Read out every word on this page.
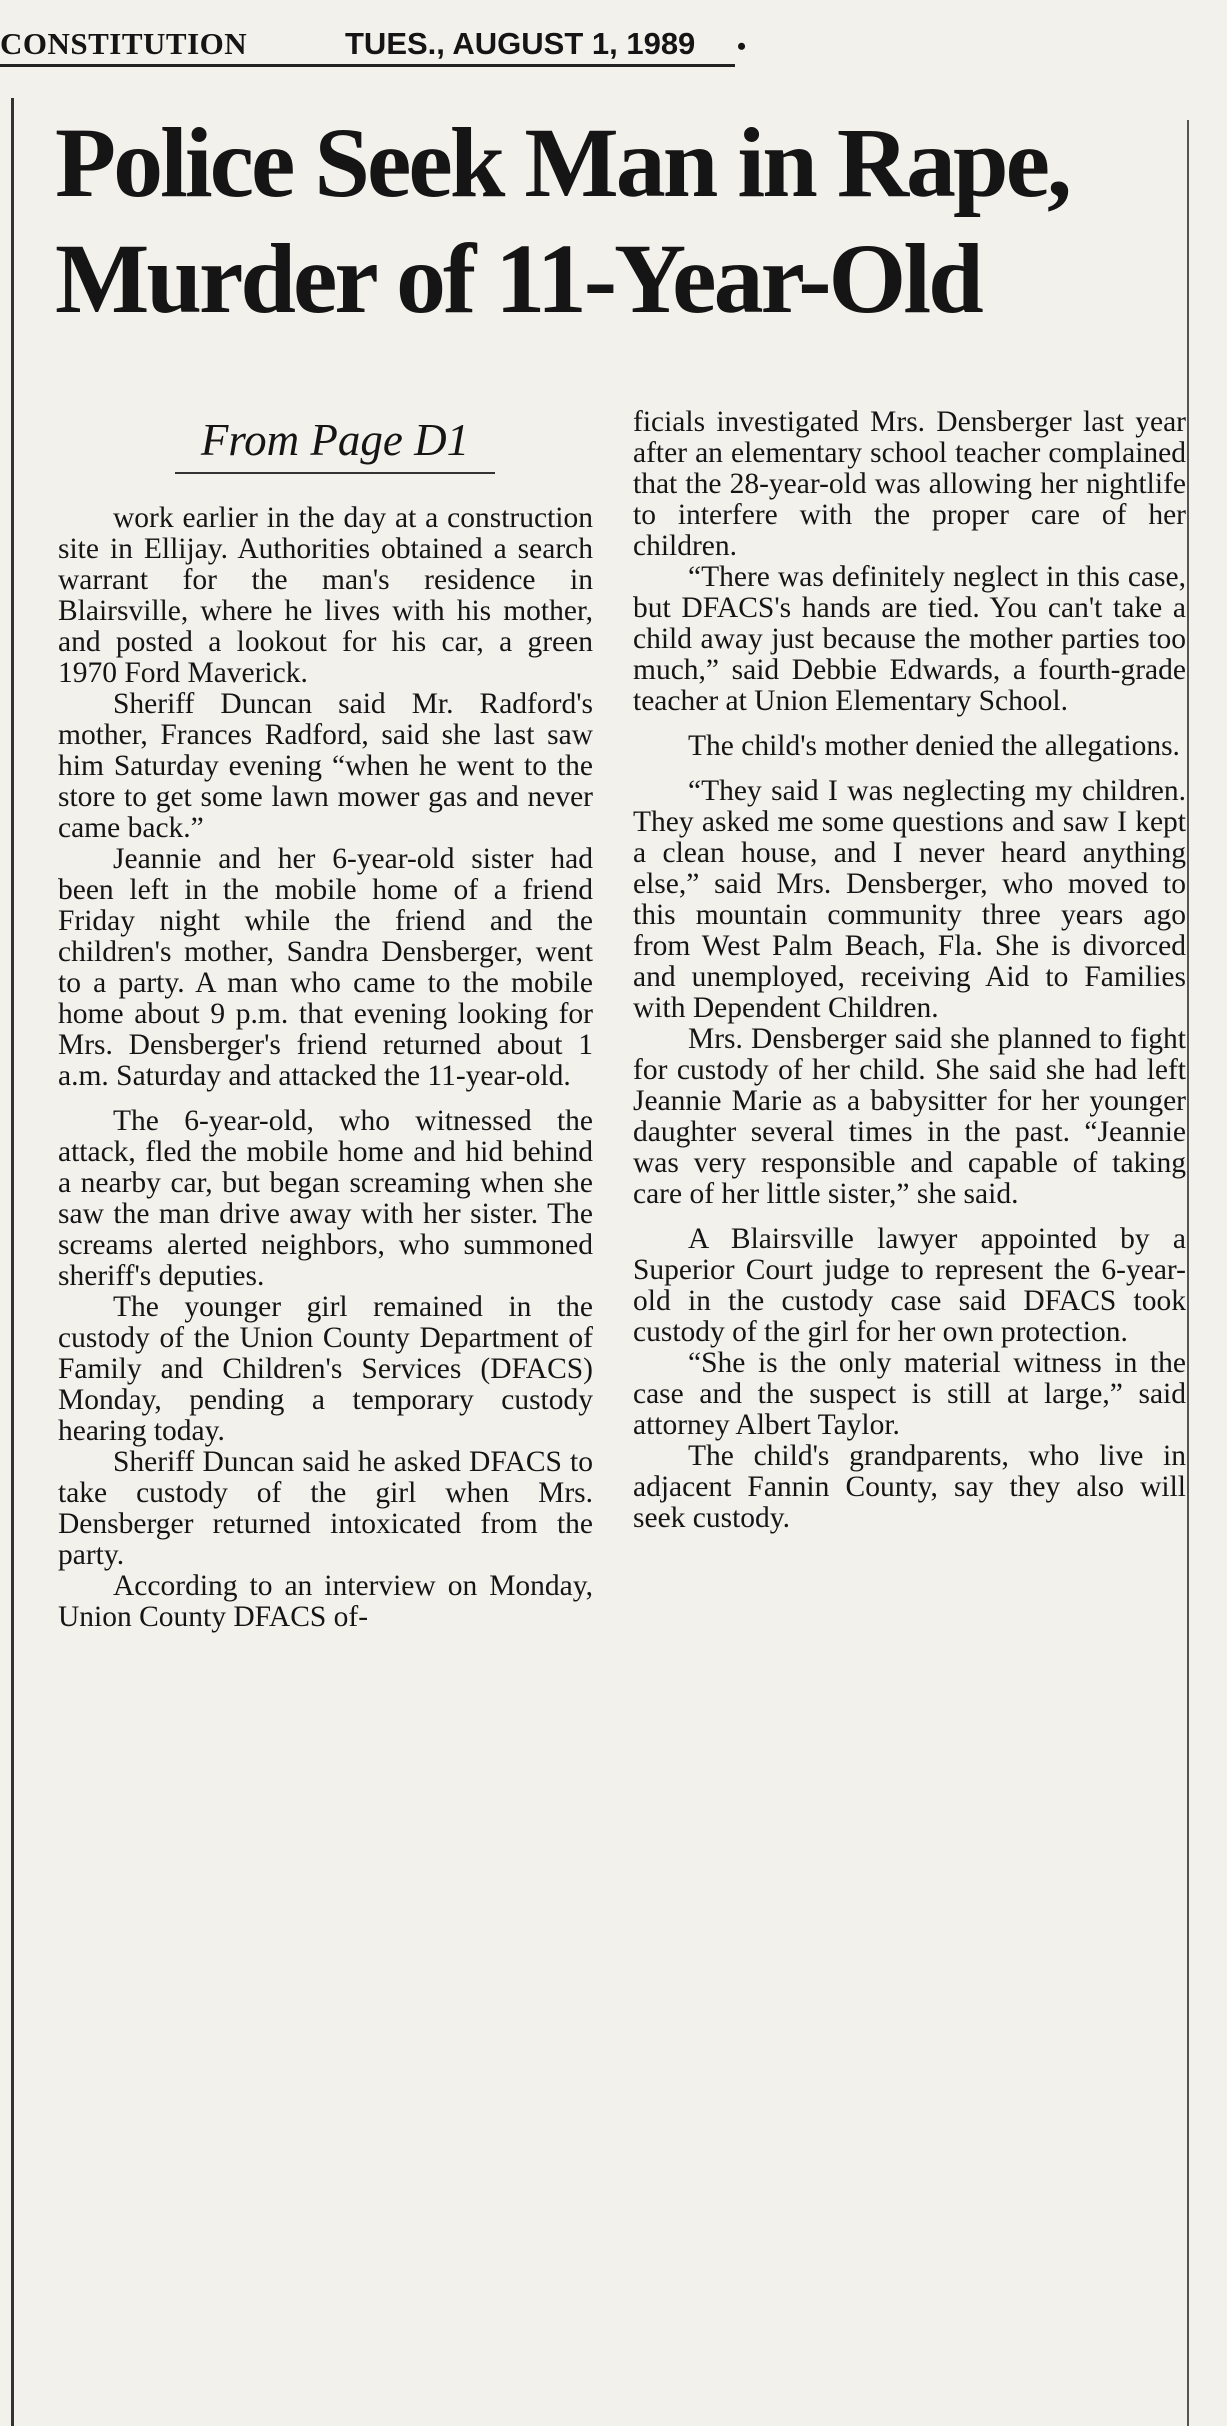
CONSTITUTION	TUES., AUGUST 1, 1989 •
Police Seek Man in Rape,
Murder of 11-Year-Old
From Page D1

work earlier in the day at a construction site in Ellijay. Authorities obtained a search warrant for the man's residence in Blairsville, where he lives with his mother, and posted a lookout for his car, a green 1970 Ford Maverick.

Sheriff Duncan said Mr. Radford's mother, Frances Radford, said she last saw him Saturday evening “when he went to the store to get some lawn mower gas and never came back.”

Jeannie and her 6-year-old sister had been left in the mobile home of a friend Friday night while the friend and the children's mother, Sandra Densberger, went to a party. A man who came to the mobile home about 9 p.m. that evening looking for Mrs. Densberger's friend returned about 1 a.m. Saturday and attacked the 11-year-old.

The 6-year-old, who witnessed the attack, fled the mobile home and hid behind a nearby car, but began screaming when she saw the man drive away with her sister. The screams alerted neighbors, who summoned sheriff's deputies.

The younger girl remained in the custody of the Union County Department of Family and Children's Services (DFACS) Monday, pending a temporary custody hearing today.

Sheriff Duncan said he asked DFACS to take custody of the girl when Mrs. Densberger returned intoxicated from the party.

According to an interview on Monday, Union County DFACS of-

ficials investigated Mrs. Densberger last year after an elementary school teacher complained that the 28-year-old was allowing her nightlife to interfere with the proper care of her children.

“There was definitely neglect in this case, but DFACS's hands are tied. You can't take a child away just because the mother parties too much,” said Debbie Edwards, a fourth-grade teacher at Union Elementary School.

The child's mother denied the allegations.

“They said I was neglecting my children. They asked me some questions and saw I kept a clean house, and I never heard anything else,” said Mrs. Densberger, who moved to this mountain community three years ago from West Palm Beach, Fla. She is divorced and unemployed, receiving Aid to Families with Dependent Children.

Mrs. Densberger said she planned to fight for custody of her child. She said she had left Jeannie Marie as a babysitter for her younger daughter several times in the past. “Jeannie was very responsible and capable of taking care of her little sister,” she said.

A Blairsville lawyer appointed by a Superior Court judge to represent the 6-year-old in the custody case said DFACS took custody of the girl for her own protection.

“She is the only material witness in the case and the suspect is still at large,” said attorney Albert Taylor.

The child's grandparents, who live in adjacent Fannin County, say they also will seek custody.
